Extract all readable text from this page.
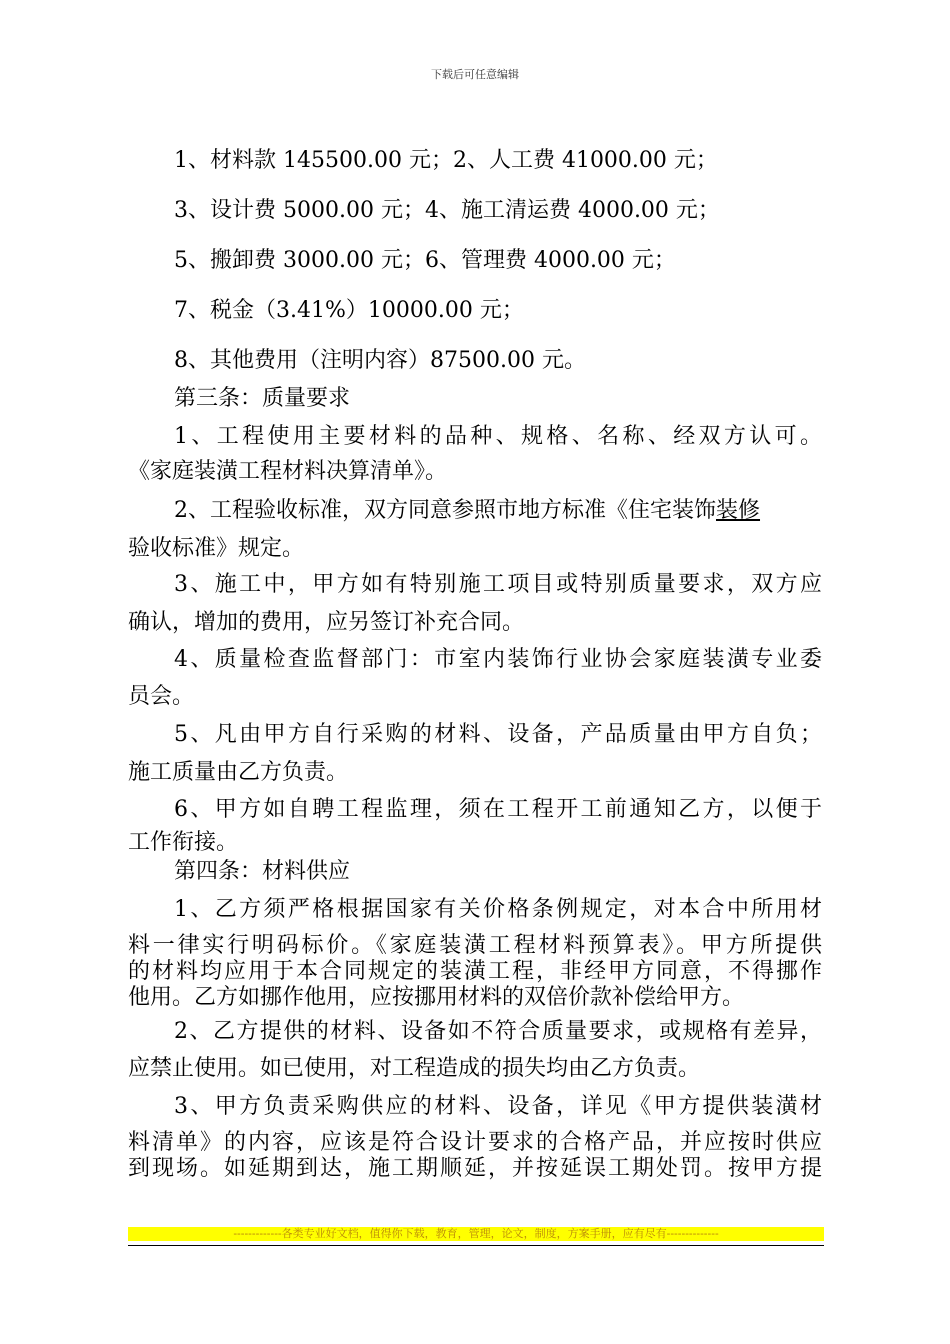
下载后可任意编辑
1、材料款 145500.00 元；2、人工费 41000.00 元；
3、设计费 5000.00 元；4、施工清运费 4000.00 元；
5、搬卸费 3000.00 元；6、管理费 4000.00 元；
7、税金（3.41%）10000.00 元；
8、其他费用（注明内容）87500.00 元。
第三条：质量要求
1、工程使用主要材料的品种、规格、名称、经双方认可。
《家庭装潢工程材料决算清单》。
2、工程验收标准，双方同意参照市地方标准《住宅装饰装修
验收标准》规定。
3、施工中，甲方如有特别施工项目或特别质量要求，双方应
确认，增加的费用，应另签订补充合同。
4、质量检查监督部门：市室内装饰行业协会家庭装潢专业委
员会。
5、凡由甲方自行采购的材料、设备，产品质量由甲方自负；
施工质量由乙方负责。
6、甲方如自聘工程监理，须在工程开工前通知乙方，以便于
工作衔接。
第四条：材料供应
1、乙方须严格根据国家有关价格条例规定，对本合中所用材
料一律实行明码标价。《家庭装潢工程材料预算表》。甲方所提供
的材料均应用于本合同规定的装潢工程，非经甲方同意，不得挪作
他用。乙方如挪作他用，应按挪用材料的双倍价款补偿给甲方。
2、乙方提供的材料、设备如不符合质量要求，或规格有差异，
应禁止使用。如已使用，对工程造成的损失均由乙方负责。
3、甲方负责采购供应的材料、设备，详见《甲方提供装潢材
料清单》的内容，应该是符合设计要求的合格产品，并应按时供应
到现场。如延期到达，施工期顺延，并按延误工期处罚。按甲方提
-------------各类专业好文档，值得你下载，教育，管理，论文，制度，方案手册，应有尽有--------------
